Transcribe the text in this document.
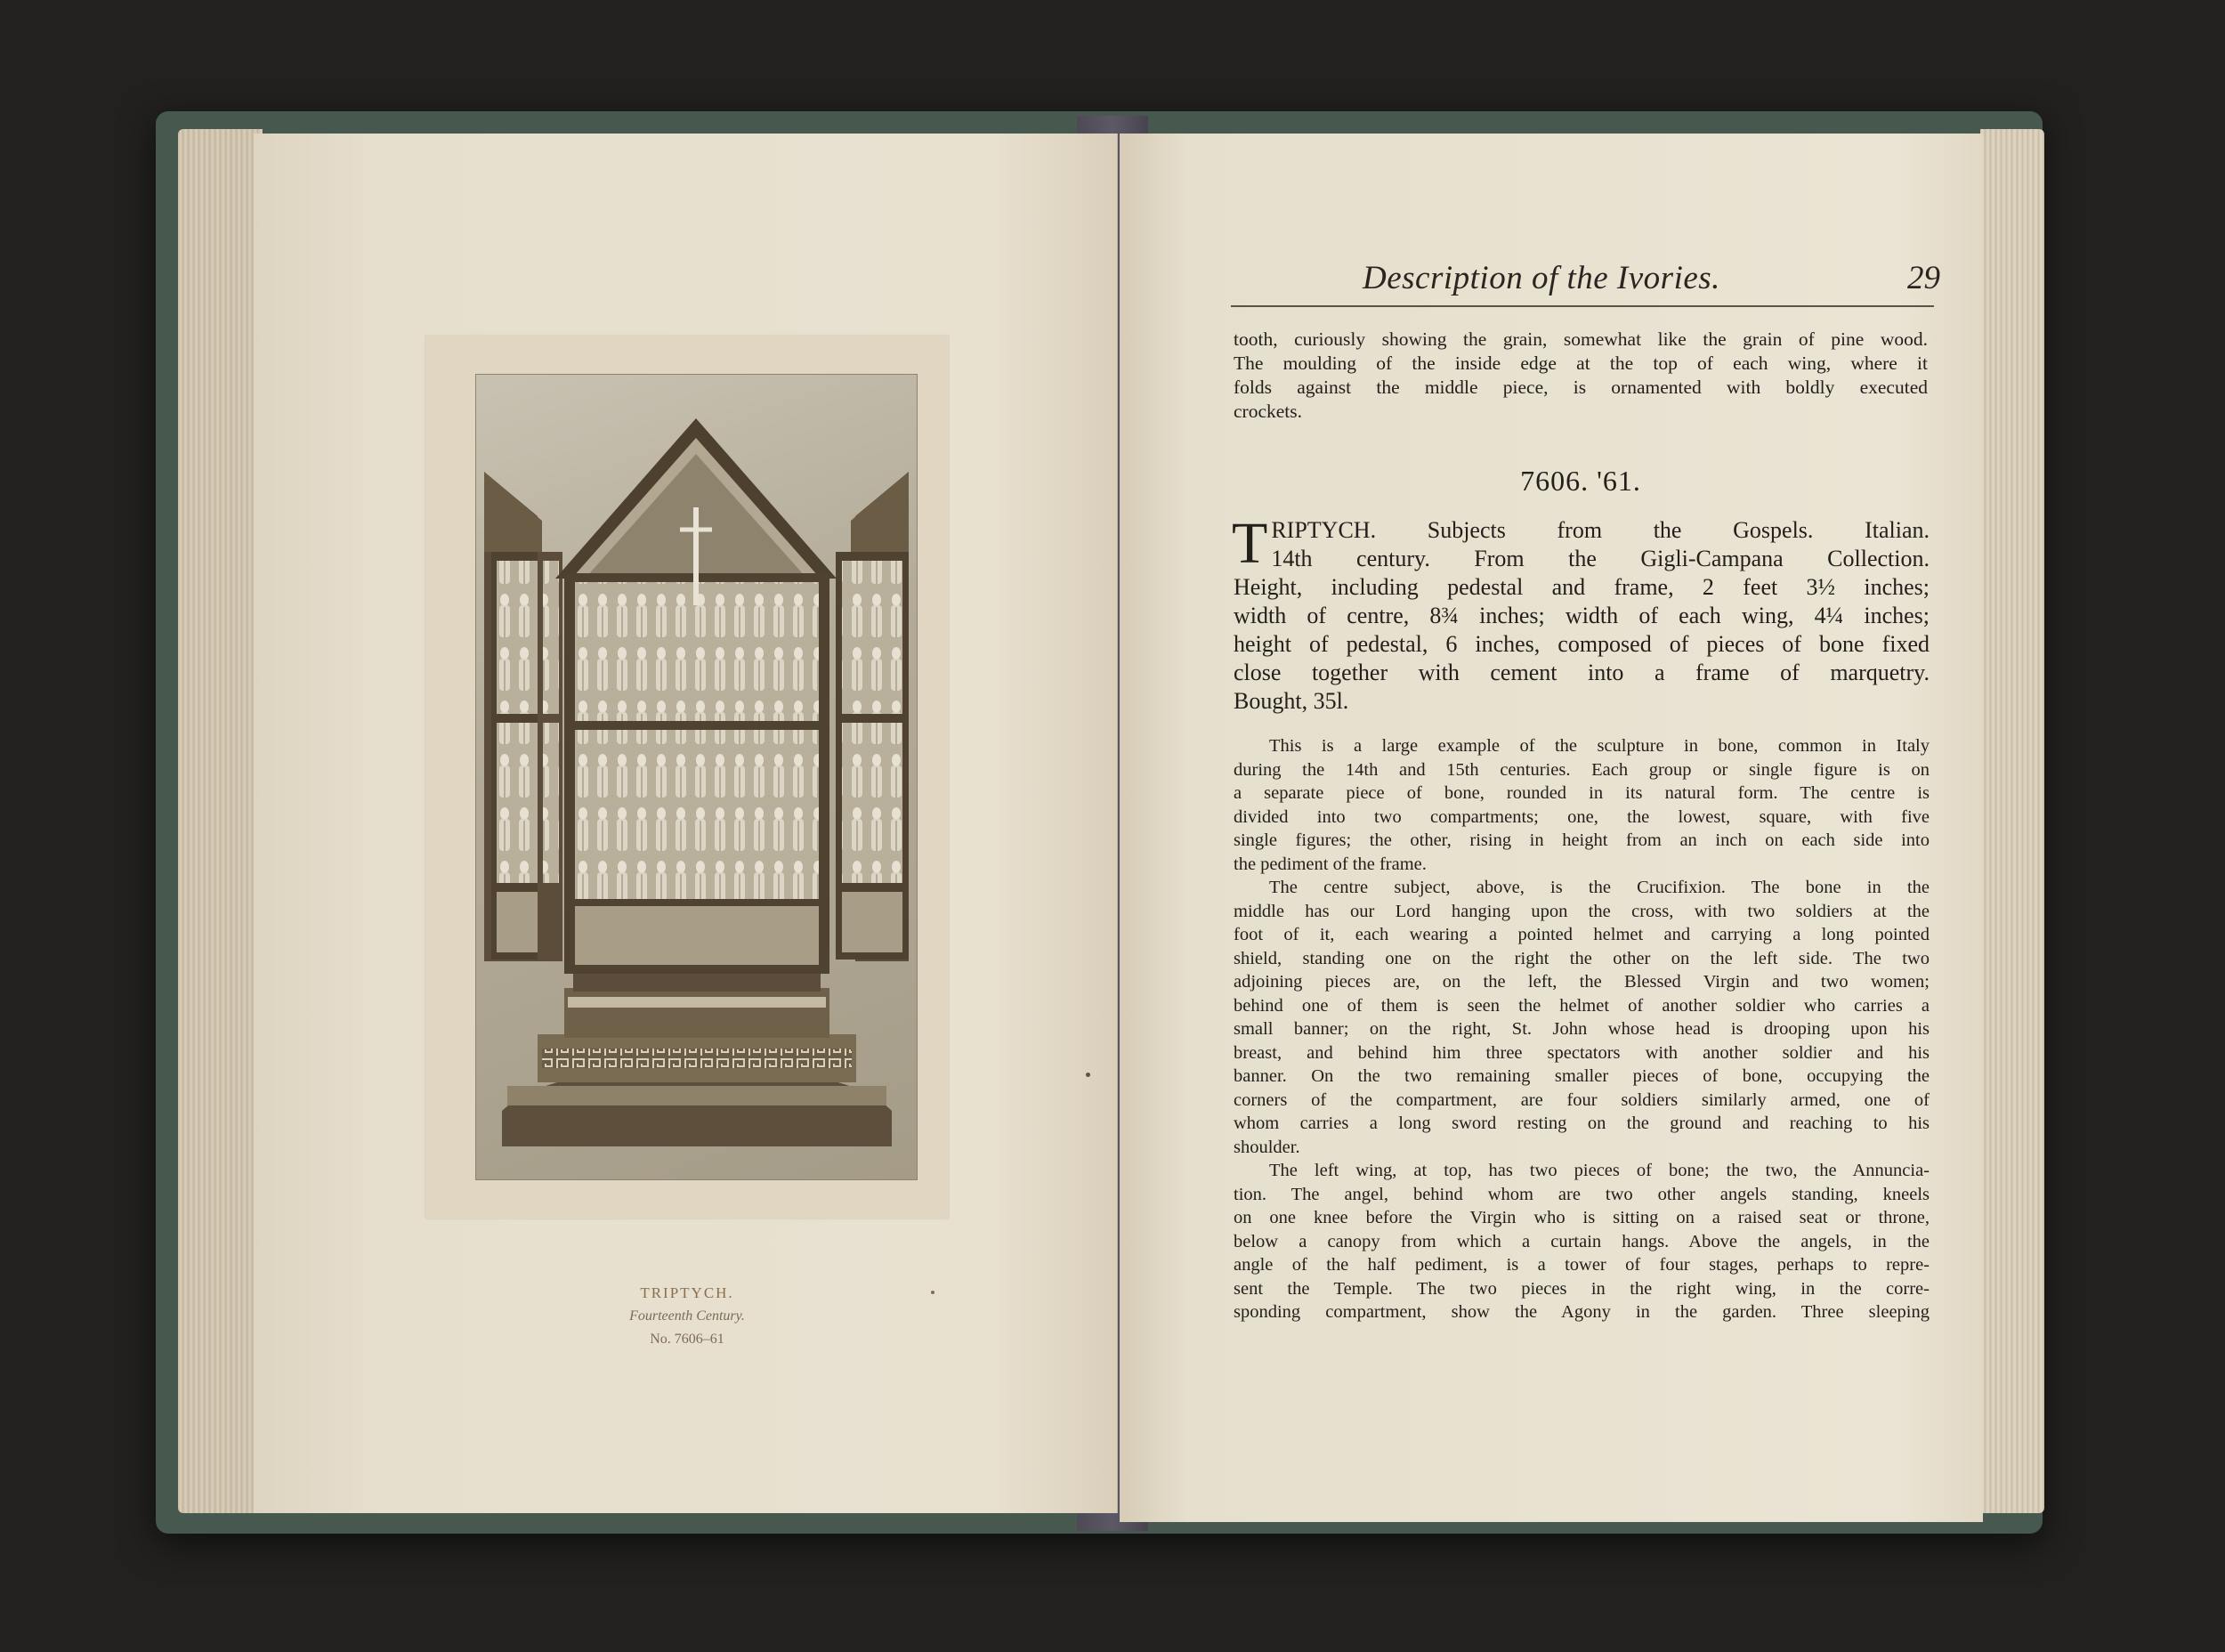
TRIPTYCH.
Fourteenth Century.
No. 7606–61
Description of the Ivories.	29
tooth, curiously showing the grain, somewhat like the grain of pine wood.
The moulding of the inside edge at the top of each wing, where it
folds against the middle piece, is ornamented with boldly executed
crockets.
7606. '61.
T RIPTYCH. Subjects from the Gospels. Italian.
14th century. From the Gigli-Campana Collection.
Height, including pedestal and frame, 2 feet 3½ inches;
width of centre, 8¾ inches; width of each wing, 4¼ inches;
height of pedestal, 6 inches, composed of pieces of bone fixed
close together with cement into a frame of marquetry.
Bought, 35l.
This is a large example of the sculpture in bone, common in Italy
during the 14th and 15th centuries. Each group or single figure is on
a separate piece of bone, rounded in its natural form. The centre is
divided into two compartments; one, the lowest, square, with five
single figures; the other, rising in height from an inch on each side into
the pediment of the frame.
The centre subject, above, is the Crucifixion. The bone in the
middle has our Lord hanging upon the cross, with two soldiers at the
foot of it, each wearing a pointed helmet and carrying a long pointed
shield, standing one on the right the other on the left side. The two
adjoining pieces are, on the left, the Blessed Virgin and two women;
behind one of them is seen the helmet of another soldier who carries a
small banner; on the right, St. John whose head is drooping upon his
breast, and behind him three spectators with another soldier and his
banner. On the two remaining smaller pieces of bone, occupying the
corners of the compartment, are four soldiers similarly armed, one of
whom carries a long sword resting on the ground and reaching to his
shoulder.
The left wing, at top, has two pieces of bone; the two, the Annuncia-
tion. The angel, behind whom are two other angels standing, kneels
on one knee before the Virgin who is sitting on a raised seat or throne,
below a canopy from which a curtain hangs. Above the angels, in the
angle of the half pediment, is a tower of four stages, perhaps to repre-
sent the Temple. The two pieces in the right wing, in the corre-
sponding compartment, show the Agony in the garden. Three sleeping
